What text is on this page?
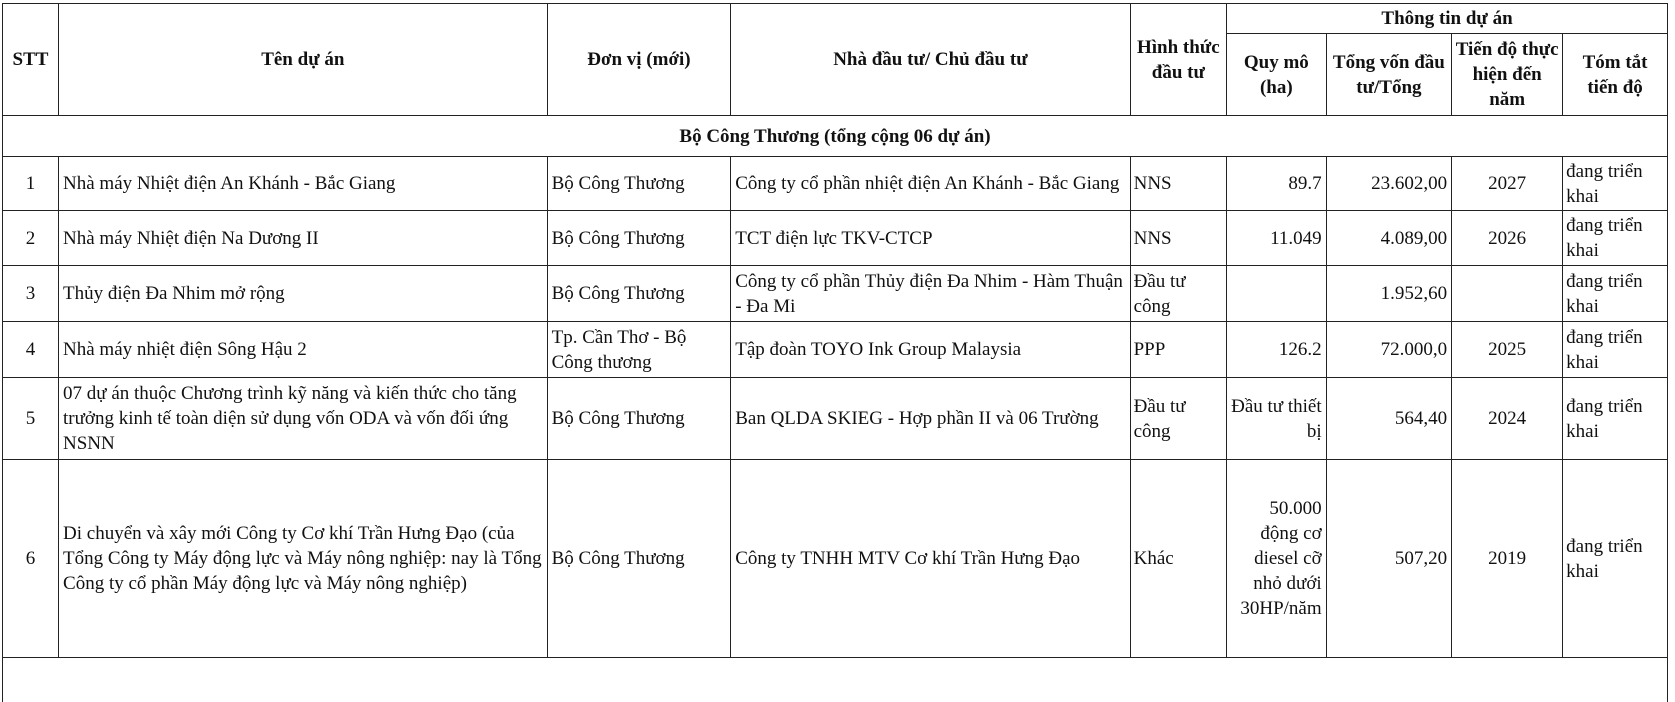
STT	Tên dự án	Đơn vị (mới)	Nhà đầu tư/ Chủ đầu tư	Hình thức đầu tư	Thông tin dự án			
					Quy mô (ha)	Tổng vốn đầu tư/Tổng	Tiến độ thực hiện đến năm	Tóm tắt tiến độ
Bộ Công Thương (tổng cộng 06 dự án)								
1	Nhà máy Nhiệt điện An Khánh - Bắc Giang	Bộ Công Thương	Công ty cổ phần nhiệt điện An Khánh - Bắc Giang	NNS	89.7	23.602,00	2027	đang triển khai
2	Nhà máy Nhiệt điện Na Dương II	Bộ Công Thương	TCT điện lực TKV-CTCP	NNS	11.049	4.089,00	2026	đang triển khai
3	Thủy điện Đa Nhim mở rộng	Bộ Công Thương	Công ty cổ phần Thủy điện Đa Nhim - Hàm Thuận - Đa Mi	Đầu tư công		1.952,60		đang triển khai
4	Nhà máy nhiệt điện Sông Hậu 2	Tp. Cần Thơ - Bộ Công thương	Tập đoàn TOYO Ink Group Malaysia	PPP	126.2	72.000,0	2025	đang triển khai
5	07 dự án thuộc Chương trình kỹ năng và kiến thức cho tăng trưởng kinh tế toàn diện sử dụng vốn ODA và vốn đối ứng NSNN	Bộ Công Thương	Ban QLDA SKIEG - Hợp phần II và 06 Trường	Đầu tư công	Đầu tư thiết bị	564,40	2024	đang triển khai
6	Di chuyển và xây mới Công ty Cơ khí Trần Hưng Đạo (của Tổng Công ty Máy động lực và Máy nông nghiệp: nay là Tổng Công ty cổ phần Máy động lực và Máy nông nghiệp)	Bộ Công Thương	Công ty TNHH MTV Cơ khí Trần Hưng Đạo	Khác	50.000 động cơ diesel cỡ nhỏ dưới 30HP/năm	507,20	2019	đang triển khai
